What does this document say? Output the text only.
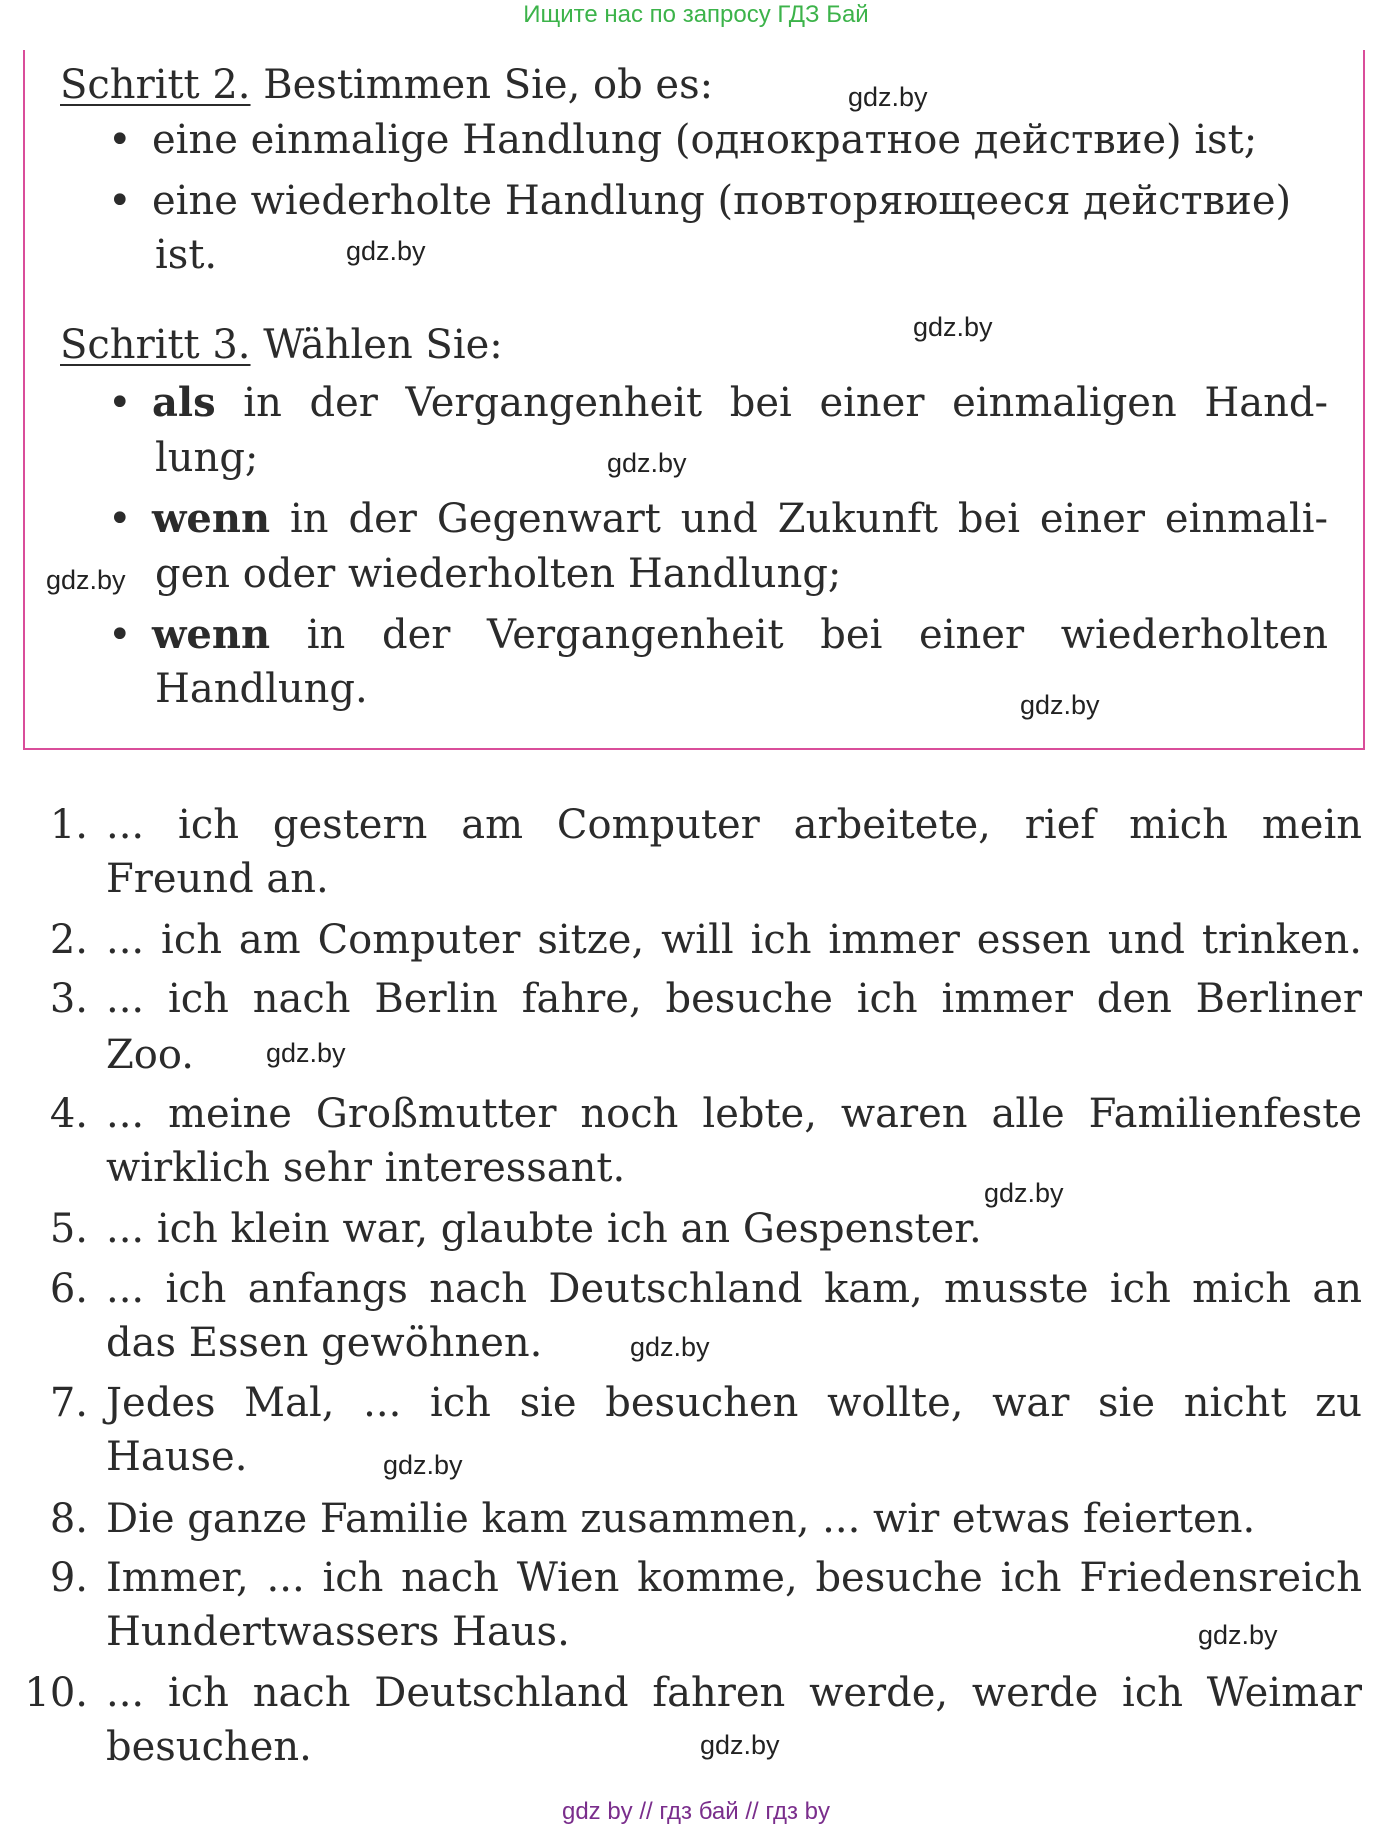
Ищите нас по запросу ГДЗ Бай
Schritt 2. Bestimmen Sie, ob es:
• eine einmalige Handlung (однократное действие) ist;
• eine wiederholte Handlung (повторяющееся действие)
ist.
Schritt 3. Wählen Sie:
• als in der Vergangenheit bei einer einmaligen Hand-
lung;
• wenn in der Gegenwart und Zukunft bei einer einmali-
gen oder wiederholten Handlung;
• wenn in der Vergangenheit bei einer wiederholten
Handlung.
1. ... ich gestern am Computer arbeitete, rief mich mein
Freund an.
2. ... ich am Computer sitze, will ich immer essen und trinken.
3. ... ich nach Berlin fahre, besuche ich immer den Berliner
Zoo.
4. ... meine Großmutter noch lebte, waren alle Familienfeste
wirklich sehr interessant.
5. ... ich klein war, glaubte ich an Gespenster.
6. ... ich anfangs nach Deutschland kam, musste ich mich an
das Essen gewöhnen.
7. Jedes Mal, ... ich sie besuchen wollte, war sie nicht zu
Hause.
8. Die ganze Familie kam zusammen, ... wir etwas feierten.
9. Immer, ... ich nach Wien komme, besuche ich Friedensreich
Hundertwassers Haus.
10. ... ich nach Deutschland fahren werde, werde ich Weimar
besuchen.
gdz.by
gdz.by
gdz.by
gdz.by
gdz.by
gdz.by
gdz.by
gdz.by
gdz.by
gdz.by
gdz.by
gdz.by
gdz by // гдз бай // гдз by
